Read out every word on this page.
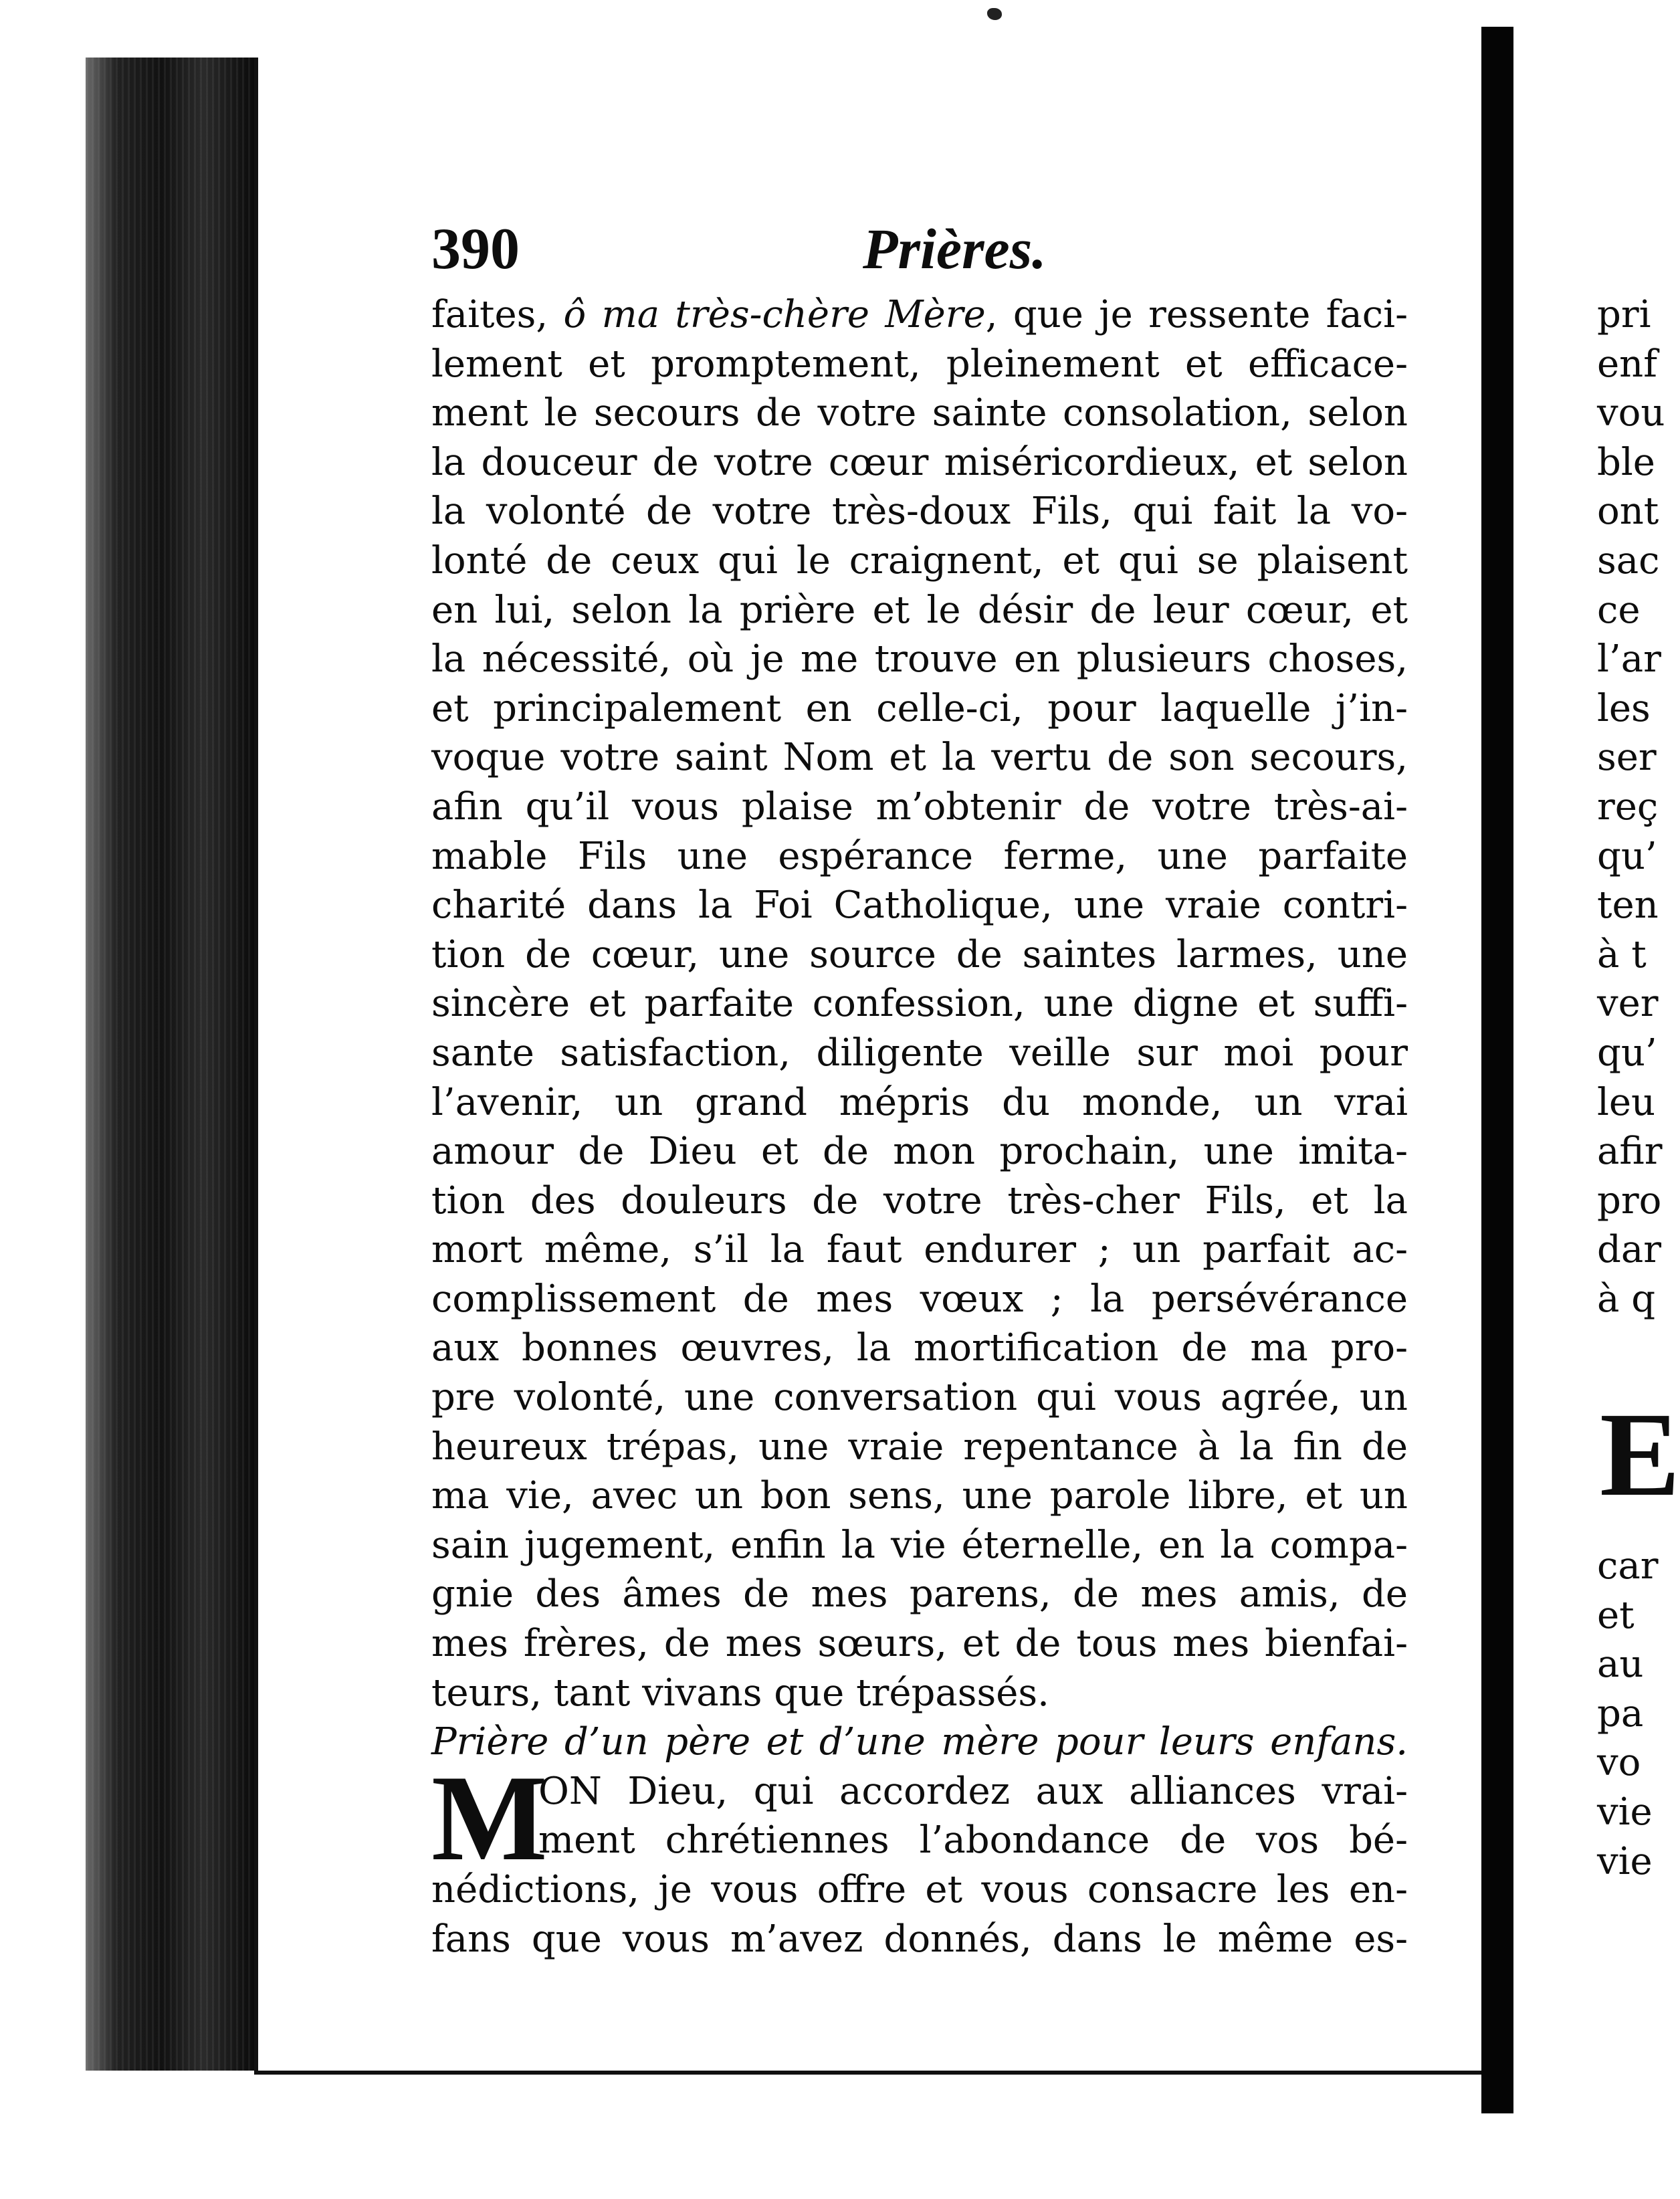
390	Prières.
faites, ô ma très-chère Mère, que je ressente faci-
lement et promptement, pleinement et efficace-
ment le secours de votre sainte consolation, selon
la douceur de votre cœur miséricordieux, et selon
la volonté de votre très-doux Fils, qui fait la vo-
lonté de ceux qui le craignent, et qui se plaisent
en lui, selon la prière et le désir de leur cœur, et
la nécessité, où je me trouve en plusieurs choses,
et principalement en celle-ci, pour laquelle j’in-
voque votre saint Nom et la vertu de son secours,
afin qu’il vous plaise m’obtenir de votre très-ai-
mable Fils une espérance ferme, une parfaite
charité dans la Foi Catholique, une vraie contri-
tion de cœur, une source de saintes larmes, une
sincère et parfaite confession, une digne et suffi-
sante satisfaction, diligente veille sur moi pour
l’avenir, un grand mépris du monde, un vrai
amour de Dieu et de mon prochain, une imita-
tion des douleurs de votre très-cher Fils, et la
mort même, s’il la faut endurer ; un parfait ac-
complissement de mes vœux ; la persévérance
aux bonnes œuvres, la mortification de ma pro-
pre volonté, une conversation qui vous agrée, un
heureux trépas, une vraie repentance à la fin de
ma vie, avec un bon sens, une parole libre, et un
sain jugement, enfin la vie éternelle, en la compa-
gnie des âmes de mes parens, de mes amis, de
mes frères, de mes sœurs, et de tous mes bienfai-
teurs, tant vivans que trépassés.
Prière d’un père et d’une mère pour leurs enfans.
M
ON Dieu, qui accordez aux alliances vrai-
ment chrétiennes l’abondance de vos bé-
nédictions, je vous offre et vous consacre les en-
fans que vous m’avez donnés, dans le même es-
pri
enf
vou
ble
ont
sac
ce
l’ar
les
ser
reç
qu’
ten
à t
ver
qu’
leu
afir
pro
dar
à q
E
car
et
au
pa
vo
vie
vie
